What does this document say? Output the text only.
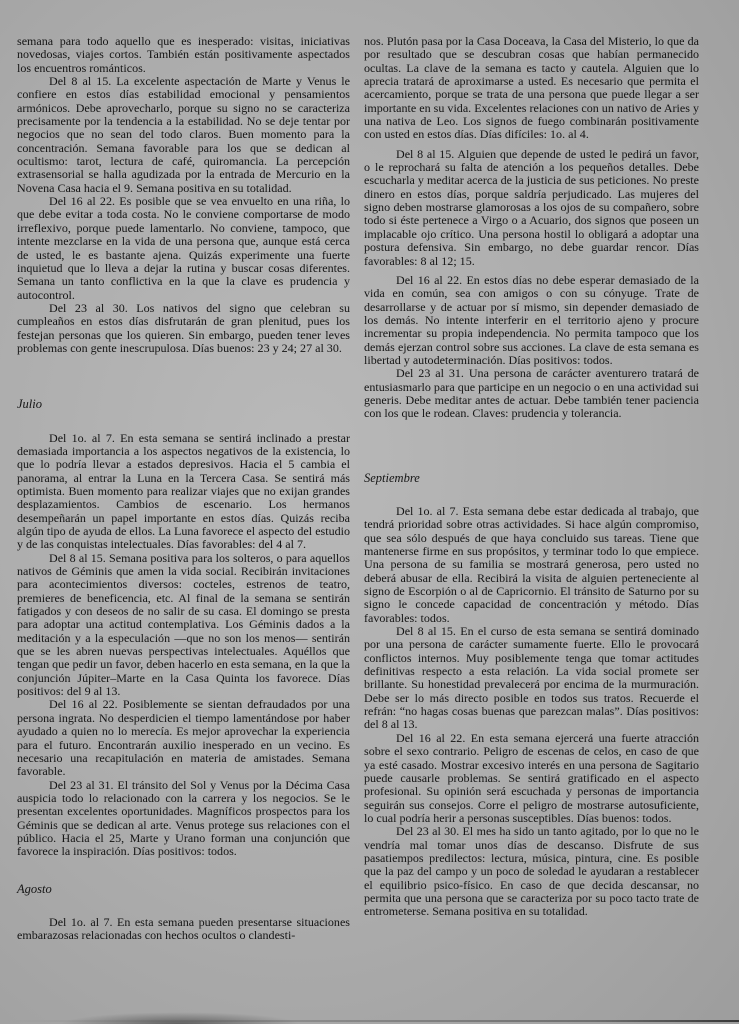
semana para todo aquello que es inesperado: visitas, iniciativas novedosas, viajes cortos. También están positivamente aspectados los encuentros románticos.

Del 8 al 15. La excelente aspectación de Marte y Venus le confiere en estos días estabilidad emocional y pensamientos armónicos. Debe aprovecharlo, porque su signo no se caracteriza precisamente por la tendencia a la estabilidad. No se deje tentar por negocios que no sean del todo claros. Buen momento para la concentración. Semana favorable para los que se dedican al ocultismo: tarot, lectura de café, quiromancia. La percepción extrasensorial se halla agudizada por la entrada de Mercurio en la Novena Casa hacia el 9. Semana positiva en su totalidad.

Del 16 al 22. Es posible que se vea envuelto en una riña, lo que debe evitar a toda costa. No le conviene comportarse de modo irreflexivo, porque puede lamentarlo. No conviene, tampoco, que intente mezclarse en la vida de una persona que, aunque está cerca de usted, le es bastante ajena. Quizás experimente una fuerte inquietud que lo lleva a dejar la rutina y buscar cosas diferentes. Semana un tanto conflictiva en la que la clave es prudencia y autocontrol.

Del 23 al 30. Los nativos del signo que celebran su cumpleaños en estos días disfrutarán de gran plenitud, pues los festejan personas que los quieren. Sin embargo, pueden tener leves problemas con gente inescrupulosa. Días buenos: 23 y 24; 27 al 30.

Julio

Del 1o. al 7. En esta semana se sentirá inclinado a prestar demasiada importancia a los aspectos negativos de la existencia, lo que lo podría llevar a estados depresivos. Hacia el 5 cambia el panorama, al entrar la Luna en la Tercera Casa. Se sentirá más optimista. Buen momento para realizar viajes que no exijan grandes desplazamientos. Cambios de escenario. Los hermanos desempeñarán un papel importante en estos días. Quizás reciba algún tipo de ayuda de ellos. La Luna favorece el aspecto del estudio y de las conquistas intelectuales. Días favorables: del 4 al 7.

Del 8 al 15. Semana positiva para los solteros, o para aquellos nativos de Géminis que amen la vida social. Recibirán invitaciones para acontecimientos diversos: cocteles, estrenos de teatro, premieres de beneficencia, etc. Al final de la semana se sentirán fatigados y con deseos de no salir de su casa. El domingo se presta para adoptar una actitud contemplativa. Los Géminis dados a la meditación y a la especulación —que no son los menos— sentirán que se les abren nuevas perspectivas intelectuales. Aquéllos que tengan que pedir un favor, deben hacerlo en esta semana, en la que la conjunción Júpiter–Marte en la Casa Quinta los favorece. Días positivos: del 9 al 13.

Del 16 al 22. Posiblemente se sientan defraudados por una persona ingrata. No desperdicien el tiempo lamentándose por haber ayudado a quien no lo merecía. Es mejor aprovechar la experiencia para el futuro. Encontrarán auxilio inesperado en un vecino. Es necesario una recapitulación en materia de amistades. Semana favorable.

Del 23 al 31. El tránsito del Sol y Venus por la Décima Casa auspicia todo lo relacionado con la carrera y los negocios. Se le presentan excelentes oportunidades. Magníficos prospectos para los Géminis que se dedican al arte. Venus protege sus relaciones con el público. Hacia el 25, Marte y Urano forman una conjunción que favorece la inspiración. Días positivos: todos.

Agosto

Del 1o. al 7. En esta semana pueden presentarse situaciones embarazosas relacionadas con hechos ocultos o clandesti-

nos. Plutón pasa por la Casa Doceava, la Casa del Misterio, lo que da por resultado que se descubran cosas que habían permanecido ocultas. La clave de la semana es tacto y cautela. Alguien que lo aprecia tratará de aproximarse a usted. Es necesario que permita el acercamiento, porque se trata de una persona que puede llegar a ser importante en su vida. Excelentes relaciones con un nativo de Aries y una nativa de Leo. Los signos de fuego combinarán positivamente con usted en estos días. Días difíciles: 1o. al 4.

Del 8 al 15. Alguien que depende de usted le pedirá un favor, o le reprochará su falta de atención a los pequeños detalles. Debe escucharla y meditar acerca de la justicia de sus peticiones. No preste dinero en estos días, porque saldría perjudicado. Las mujeres del signo deben mostrarse glamorosas a los ojos de su compañero, sobre todo si éste pertenece a Virgo o a Acuario, dos signos que poseen un implacable ojo crítico. Una persona hostil lo obligará a adoptar una postura defensiva. Sin embargo, no debe guardar rencor. Días favorables: 8 al 12; 15.

Del 16 al 22. En estos días no debe esperar demasiado de la vida en común, sea con amigos o con su cónyuge. Trate de desarrollarse y de actuar por sí mismo, sin depender demasiado de los demás. No intente interferir en el territorio ajeno y procure incrementar su propia independencia. No permita tampoco que los demás ejerzan control sobre sus acciones. La clave de esta semana es libertad y autodeterminación. Días positivos: todos.

Del 23 al 31. Una persona de carácter aventurero tratará de entusiasmarlo para que participe en un negocio o en una actividad sui generis. Debe meditar antes de actuar. Debe también tener paciencia con los que le rodean. Claves: prudencia y tolerancia.

Septiembre

Del 1o. al 7. Esta semana debe estar dedicada al trabajo, que tendrá prioridad sobre otras actividades. Si hace algún compromiso, que sea sólo después de que haya concluido sus tareas. Tiene que mantenerse firme en sus propósitos, y terminar todo lo que empiece. Una persona de su familia se mostrará generosa, pero usted no deberá abusar de ella. Recibirá la visita de alguien perteneciente al signo de Escorpión o al de Capricornio. El tránsito de Saturno por su signo le concede capacidad de concentración y método. Días favorables: todos.

Del 8 al 15. En el curso de esta semana se sentirá dominado por una persona de carácter sumamente fuerte. Ello le provocará conflictos internos. Muy posiblemente tenga que tomar actitudes definitivas respecto a esta relación. La vida social promete ser brillante. Su honestidad prevalecerá por encima de la murmuración. Debe ser lo más directo posible en todos sus tratos. Recuerde el refrán: “no hagas cosas buenas que parezcan malas”. Días positivos: del 8 al 13.

Del 16 al 22. En esta semana ejercerá una fuerte atracción sobre el sexo contrario. Peligro de escenas de celos, en caso de que ya esté casado. Mostrar excesivo interés en una persona de Sagitario puede causarle problemas. Se sentirá gratificado en el aspecto profesional. Su opinión será escuchada y personas de importancia seguirán sus consejos. Corre el peligro de mostrarse autosuficiente, lo cual podría herir a personas susceptibles. Días buenos: todos.

Del 23 al 30. El mes ha sido un tanto agitado, por lo que no le vendría mal tomar unos días de descanso. Disfrute de sus pasatiempos predilectos: lectura, música, pintura, cine. Es posible que la paz del campo y un poco de soledad le ayudaran a restablecer el equilibrio psico-físico. En caso de que decida descansar, no permita que una persona que se caracteriza por su poco tacto trate de entrometerse. Semana positiva en su totalidad.
